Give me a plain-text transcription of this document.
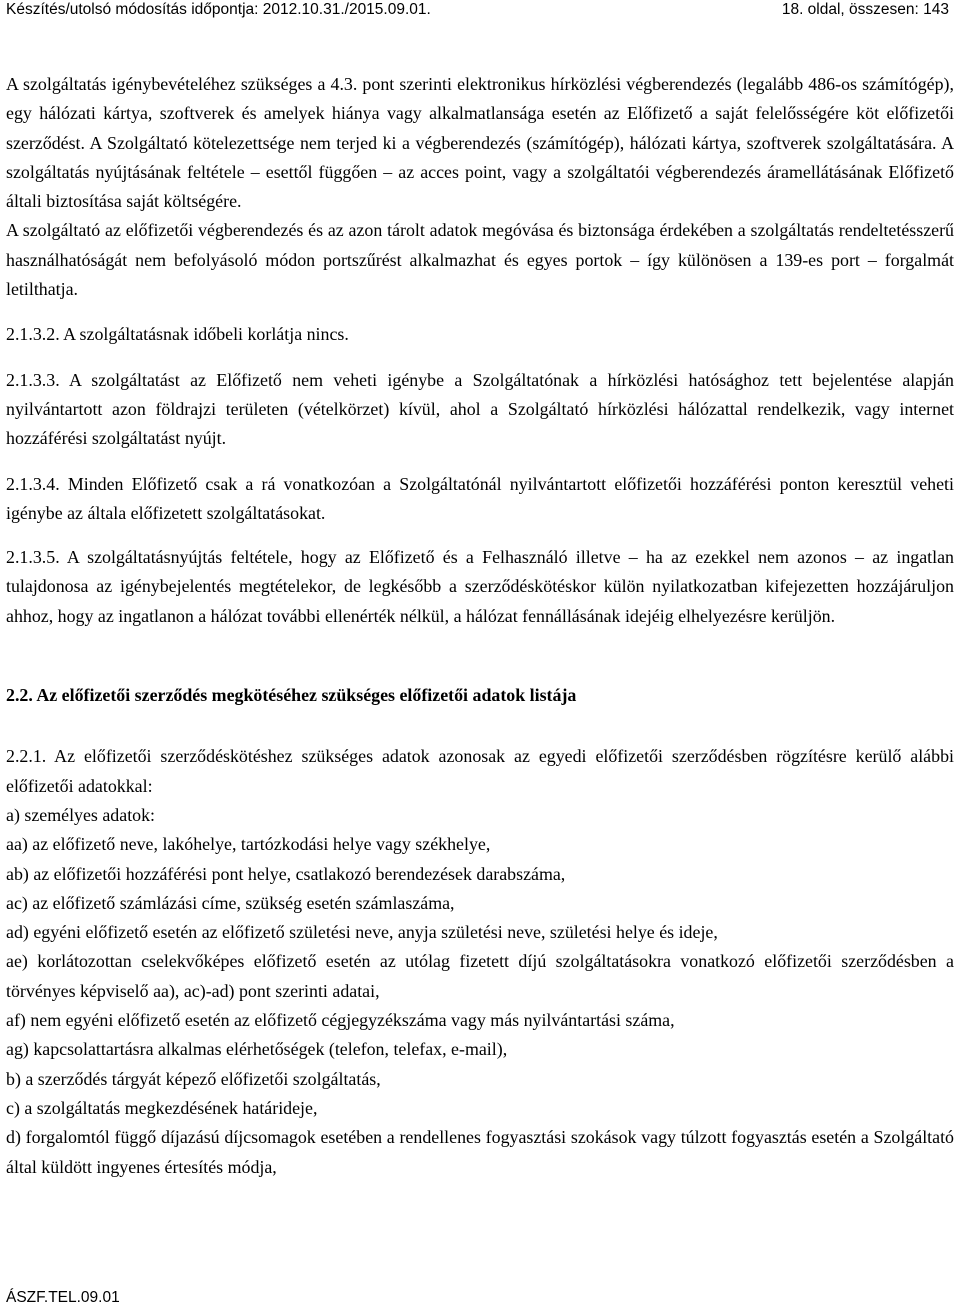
Készítés/utolsó módosítás időpontja: 2012.10.31./2015.09.01.	18. oldal, összesen: 143

A szolgáltatás igénybevételéhez szükséges a 4.3. pont szerinti elektronikus hírközlési végberendezés (legalább 486-os számítógép), egy hálózati kártya, szoftverek és amelyek hiánya vagy alkalmatlansága esetén az Előfizető a saját felelősségére köt előfizetői szerződést. A Szolgáltató kötelezettsége nem terjed ki a végberendezés (számítógép), hálózati kártya, szoftverek szolgáltatására. A szolgáltatás nyújtásának feltétele – esettől függően – az acces point, vagy a szolgáltatói végberendezés áramellátásának Előfizető általi biztosítása saját költségére.

A szolgáltató az előfizetői végberendezés és az azon tárolt adatok megóvása és biztonsága érdekében a szolgáltatás rendeltetésszerű használhatóságát nem befolyásoló módon portszűrést alkalmazhat és egyes portok – így különösen a 139-es port – forgalmát letilthatja.

2.1.3.2. A szolgáltatásnak időbeli korlátja nincs.

2.1.3.3. A szolgáltatást az Előfizető nem veheti igénybe a Szolgáltatónak a hírközlési hatósághoz tett bejelentése alapján nyilvántartott azon földrajzi területen (vételkörzet) kívül, ahol a Szolgáltató hírközlési hálózattal rendelkezik, vagy internet hozzáférési szolgáltatást nyújt.

2.1.3.4. Minden Előfizető csak a rá vonatkozóan a Szolgáltatónál nyilvántartott előfizetői hozzáférési ponton keresztül veheti igénybe az általa előfizetett szolgáltatásokat.

2.1.3.5. A szolgáltatásnyújtás feltétele, hogy az Előfizető és a Felhasználó illetve – ha az ezekkel nem azonos – az ingatlan tulajdonosa az igénybejelentés megtételekor, de legkésőbb a szerződéskötéskor külön nyilatkozatban kifejezetten hozzájáruljon ahhoz, hogy az ingatlanon a hálózat további ellenérték nélkül, a hálózat fennállásának idejéig elhelyezésre kerüljön.

2.2. Az előfizetői szerződés megkötéséhez szükséges előfizetői adatok listája

2.2.1. Az előfizetői szerződéskötéshez szükséges adatok azonosak az egyedi előfizetői szerződésben rögzítésre kerülő alábbi előfizetői adatokkal:

a) személyes adatok:

aa) az előfizető neve, lakóhelye, tartózkodási helye vagy székhelye,

ab) az előfizetői hozzáférési pont helye, csatlakozó berendezések darabszáma,

ac) az előfizető számlázási címe, szükség esetén számlaszáma,

ad) egyéni előfizető esetén az előfizető születési neve, anyja születési neve, születési helye és ideje,

ae) korlátozottan cselekvőképes előfizető esetén az utólag fizetett díjú szolgáltatásokra vonatkozó előfizetői szerződésben a törvényes képviselő aa), ac)-ad) pont szerinti adatai,

af) nem egyéni előfizető esetén az előfizető cégjegyzékszáma vagy más nyilvántartási száma,

ag) kapcsolattartásra alkalmas elérhetőségek (telefon, telefax, e-mail),

b) a szerződés tárgyát képező előfizetői szolgáltatás,

c) a szolgáltatás megkezdésének határideje,

d) forgalomtól függő díjazású díjcsomagok esetében a rendellenes fogyasztási szokások vagy túlzott fogyasztás esetén a Szolgáltató által küldött ingyenes értesítés módja,

ÁSZF.TEL.09.01
